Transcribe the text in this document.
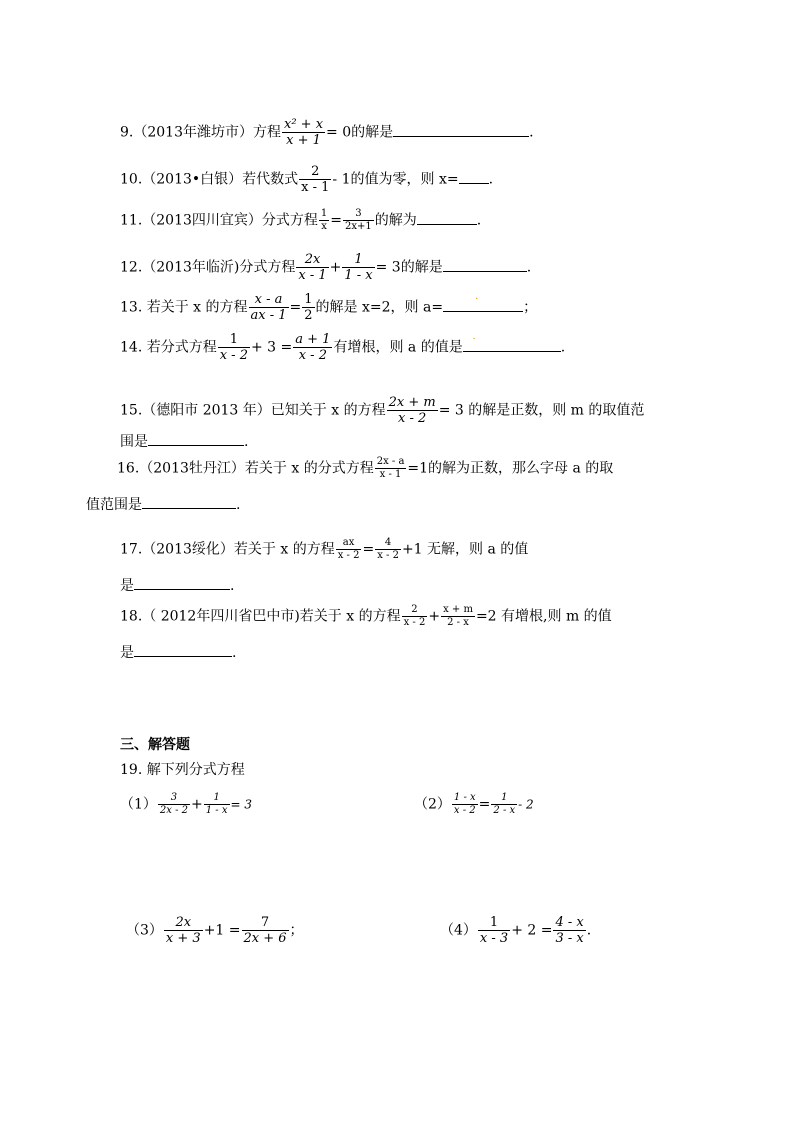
9.（2013年潍坊市）方程 $\frac{\text{x² + x}}{x + 1} = 0$的解是	.
10.（2013•白银）若代数式 $\frac{2}{x - 1} - 1$的值为零，则 x= .
11.（2013四川宜宾）分式方程 $\frac{1}{x} = \frac{3}{2x+1}$ 的解为	.
12.（2013年临沂)分式方程 $\frac{2x}{x - 1} + \frac{1}{1 - x} = 3$的解是	.
13. 若关于 x 的方程 $\frac{x - a}{ax - 1} = \frac{1}{2}$ 的解是 x=2，则 a=
·
；
14. 若分式方程 $\frac{1}{x - 2} + 3 = \frac{a + 1}{x - 2}$ 有增根，则 a 的值是
·
.
15.（德阳市 2013 年）已知关于 x 的方程 $\frac{2x + m}{x - 2} = 3$ 的解是正数，则 m 的取值范
围是	.
16.（2013牡丹江）若关于 x 的分式方程 $\frac{2x - a}{x - 1} =1$的解为正数，那么字母 a 的取
值范围是	.
17.（2013绥化）若关于 x 的方程 $\frac{ax}{x - 2} = \frac{4}{x - 2} +1$ 无解，则 a 的值
是	.
18.（ 2012年四川省巴中市)若关于 x 的方程 $\frac{2}{x - 2} + \frac{x + m}{2 - x} =2$ 有增根,则 m 的值
是	.
三、解答题
19. 解下列分式方程
$(1) \frac{3}{2x - 2} + \frac{1}{1 - x} = 3$	$(2) \frac{1 - x}{x - 2} = \frac{1}{2 - x} - 2$
$(3) \frac{2x}{x + 3} +1 = \frac{7}{2x + 6}$ ；	$(4) \frac{1}{x - 3} + 2 = \frac{4 - x}{3 - x}$ .
